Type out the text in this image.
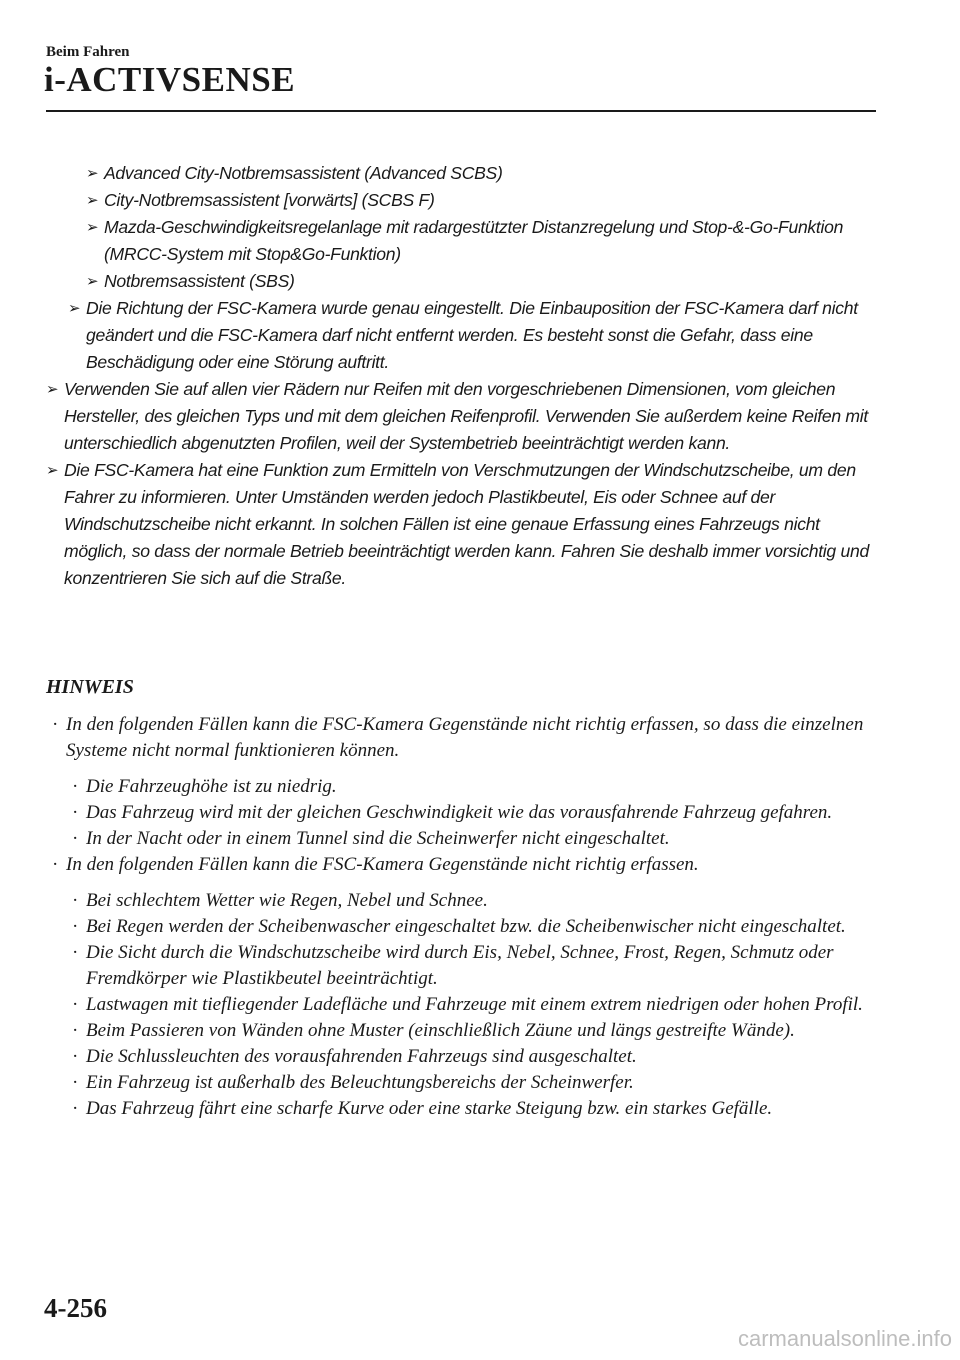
Beim Fahren
i-ACTIVSENSE
➢ Advanced City-Notbremsassistent (Advanced SCBS)
➢ City-Notbremsassistent [vorwärts] (SCBS F)
➢ Mazda-Geschwindigkeitsregelanlage mit radargestützter Distanzregelung und Stop-&-Go-Funktion (MRCC-System mit Stop&Go-Funktion)
➢ Notbremsassistent (SBS)
➢ Die Richtung der FSC-Kamera wurde genau eingestellt. Die Einbauposition der FSC-Kamera darf nicht geändert und die FSC-Kamera darf nicht entfernt werden. Es besteht sonst die Gefahr, dass eine Beschädigung oder eine Störung auftritt.
➢ Verwenden Sie auf allen vier Rädern nur Reifen mit den vorgeschriebenen Dimensionen, vom gleichen Hersteller, des gleichen Typs und mit dem gleichen Reifenprofil. Verwenden Sie außerdem keine Reifen mit unterschiedlich abgenutzten Profilen, weil der Systembetrieb beeinträchtigt werden kann.
➢ Die FSC-Kamera hat eine Funktion zum Ermitteln von Verschmutzungen der Windschutzscheibe, um den Fahrer zu informieren. Unter Umständen werden jedoch Plastikbeutel, Eis oder Schnee auf der Windschutzscheibe nicht erkannt. In solchen Fällen ist eine genaue Erfassung eines Fahrzeugs nicht möglich, so dass der normale Betrieb beeinträchtigt werden kann. Fahren Sie deshalb immer vorsichtig und konzentrieren Sie sich auf die Straße.
HINWEIS
· In den folgenden Fällen kann die FSC-Kamera Gegenstände nicht richtig erfassen, so dass die einzelnen Systeme nicht normal funktionieren können.
· Die Fahrzeughöhe ist zu niedrig.
· Das Fahrzeug wird mit der gleichen Geschwindigkeit wie das vorausfahrende Fahrzeug gefahren.
· In der Nacht oder in einem Tunnel sind die Scheinwerfer nicht eingeschaltet.
· In den folgenden Fällen kann die FSC-Kamera Gegenstände nicht richtig erfassen.
· Bei schlechtem Wetter wie Regen, Nebel und Schnee.
· Bei Regen werden der Scheibenwascher eingeschaltet bzw. die Scheibenwischer nicht eingeschaltet.
· Die Sicht durch die Windschutzscheibe wird durch Eis, Nebel, Schnee, Frost, Regen, Schmutz oder Fremdkörper wie Plastikbeutel beeinträchtigt.
· Lastwagen mit tiefliegender Ladefläche und Fahrzeuge mit einem extrem niedrigen oder hohen Profil.
· Beim Passieren von Wänden ohne Muster (einschließlich Zäune und längs gestreifte Wände).
· Die Schlussleuchten des vorausfahrenden Fahrzeugs sind ausgeschaltet.
· Ein Fahrzeug ist außerhalb des Beleuchtungsbereichs der Scheinwerfer.
· Das Fahrzeug fährt eine scharfe Kurve oder eine starke Steigung bzw. ein starkes Gefälle.
4-256
carmanualsonline.info
